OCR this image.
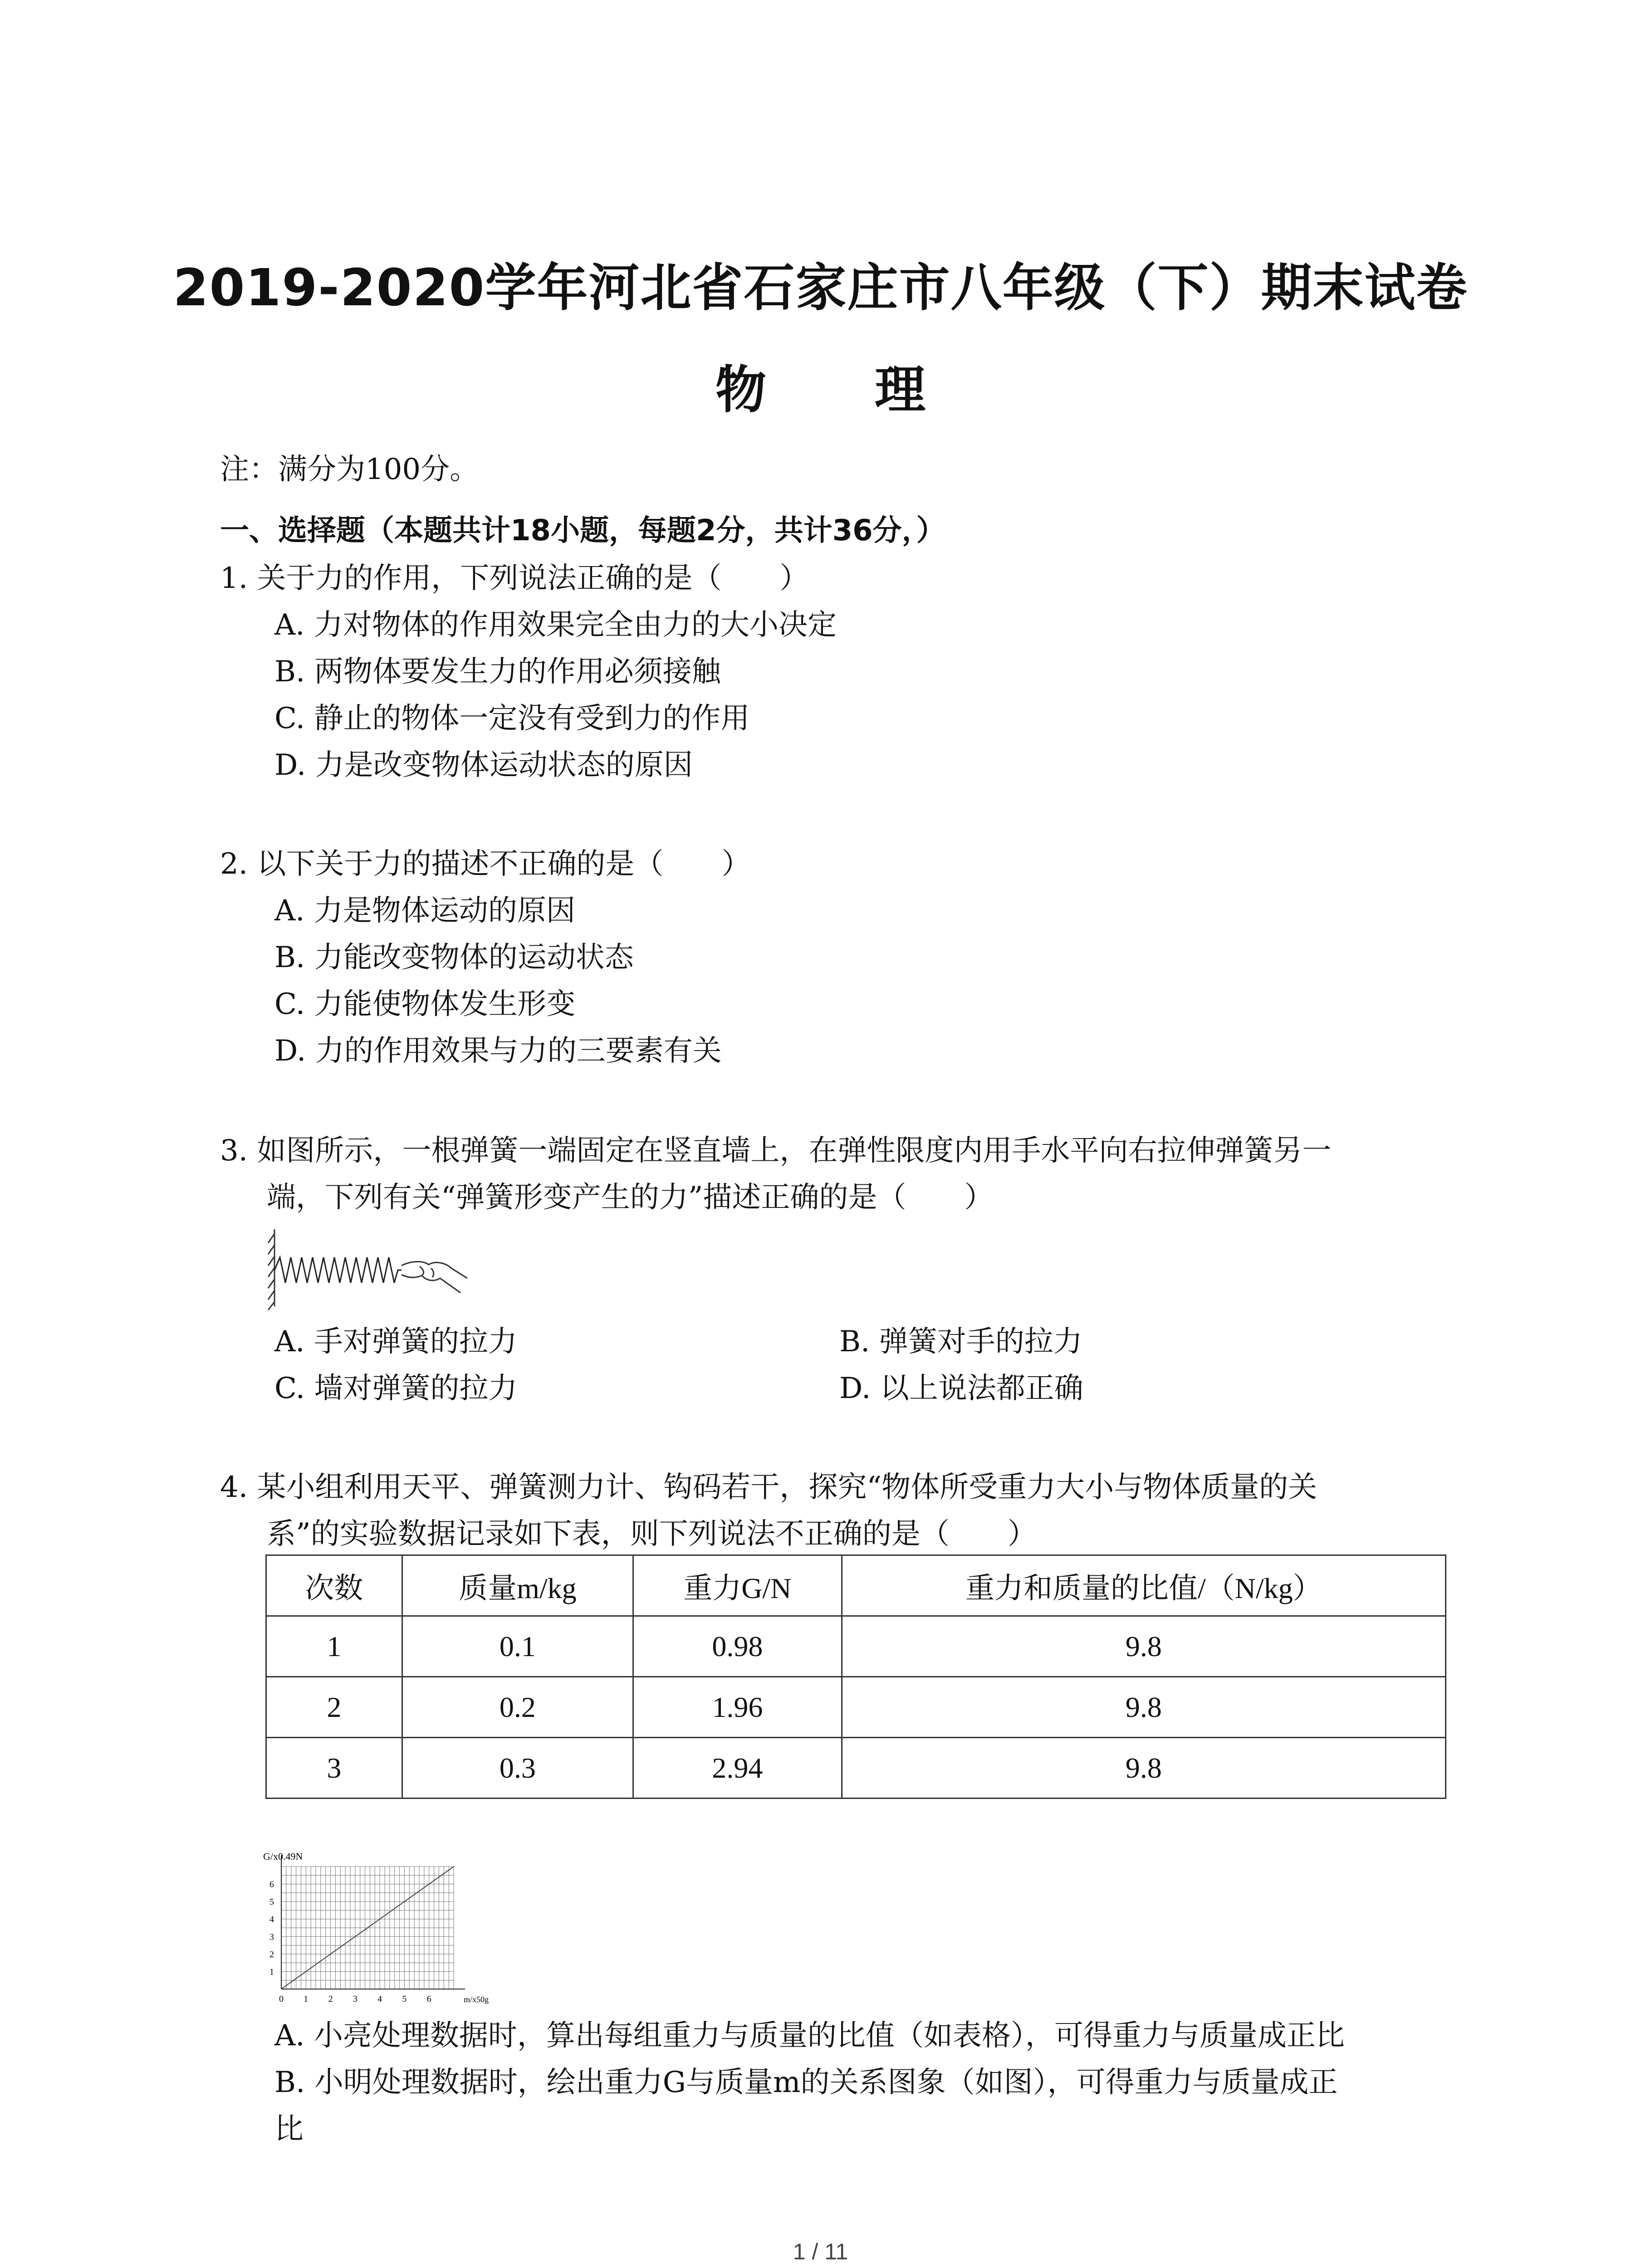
2019-2020学年河北省石家庄市八年级（下）期末试卷
物 理
注：满分为100分。
一、选择题（本题共计18小题，每题2分，共计36分，）
1. 关于力的作用，下列说法正确的是（　　）
A. 力对物体的作用效果完全由力的大小决定
B. 两物体要发生力的作用必须接触
C. 静止的物体一定没有受到力的作用
D. 力是改变物体运动状态的原因
2. 以下关于力的描述不正确的是（　　）
A. 力是物体运动的原因
B. 力能改变物体的运动状态
C. 力能使物体发生形变
D. 力的作用效果与力的三要素有关
3. 如图所示，一根弹簧一端固定在竖直墙上，在弹性限度内用手水平向右拉伸弹簧另一
端，下列有关“弹簧形变产生的力”描述正确的是（　　）
A. 手对弹簧的拉力	B. 弹簧对手的拉力
C. 墙对弹簧的拉力	D. 以上说法都正确
4. 某小组利用天平、弹簧测力计、钩码若干，探究“物体所受重力大小与物体质量的关
系”的实验数据记录如下表，则下列说法不正确的是（　　）
次数	质量m/kg	重力G/N	重力和质量的比值/（N/kg）
1	0.1	0.98	9.8
2	0.2	1.96	9.8
3	0.3	2.94	9.8
0 1 2 3 4 5 6
1
2
3
4
5
6
G/x0.49N
m/x50g
A. 小亮处理数据时，算出每组重力与质量的比值（如表格），可得重力与质量成正比
B. 小明处理数据时，绘出重力G与质量m的关系图象（如图），可得重力与质量成正
比
1 / 11
